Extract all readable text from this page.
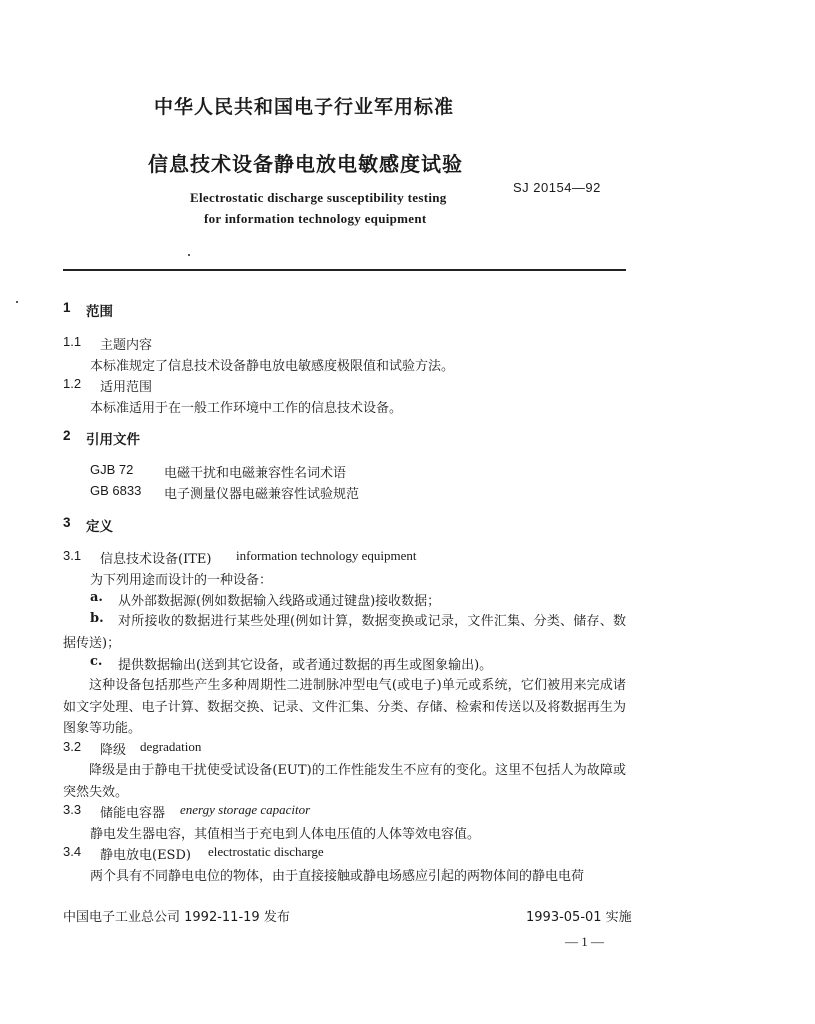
中华人民共和国电子行业军用标准
信息技术设备静电放电敏感度试验
Electrostatic discharge susceptibility testing
for information technology equipment
SJ 20154—92
1 范围
1.1 主题内容
本标准规定了信息技术设备静电放电敏感度极限值和试验方法。
1.2 适用范围
本标准适用于在一般工作环境中工作的信息技术设备。
2 引用文件
GJB 72 电磁干扰和电磁兼容性名词术语
GB 6833 电子测量仪器电磁兼容性试验规范
3 定义
3.1 信息技术设备(ITE) information technology equipment
为下列用途而设计的一种设备：
a. 从外部数据源(例如数据输入线路或通过键盘)接收数据；
b.	对所接收的数据进行某些处理(例如计算，数据变换或记录，文件汇集、分类、储存、数据传送)；
c. 提供数据输出(送到其它设备，或者通过数据的再生或图象输出)。
这种设备包括那些产生多种周期性二进制脉冲型电气(或电子)单元或系统，它们被用来完成诸如文字处理、电子计算、数据交换、记录、文件汇集、分类、存储、检索和传送以及将数据再生为图象等功能。
3.2 降级 degradation
降级是由于静电干扰使受试设备(EUT)的工作性能发生不应有的变化。这里不包括人为故障或突然失效。
3.3 储能电容器 energy storage capacitor
静电发生器电容，其值相当于充电到人体电压值的人体等效电容值。
3.4 静电放电(ESD) electrostatic discharge
两个具有不同静电电位的物体，由于直接接触或静电场感应引起的两物体间的静电电荷
中国电子工业总公司 1992-11-19 发布	1993-05-01 实施
— 1 —
